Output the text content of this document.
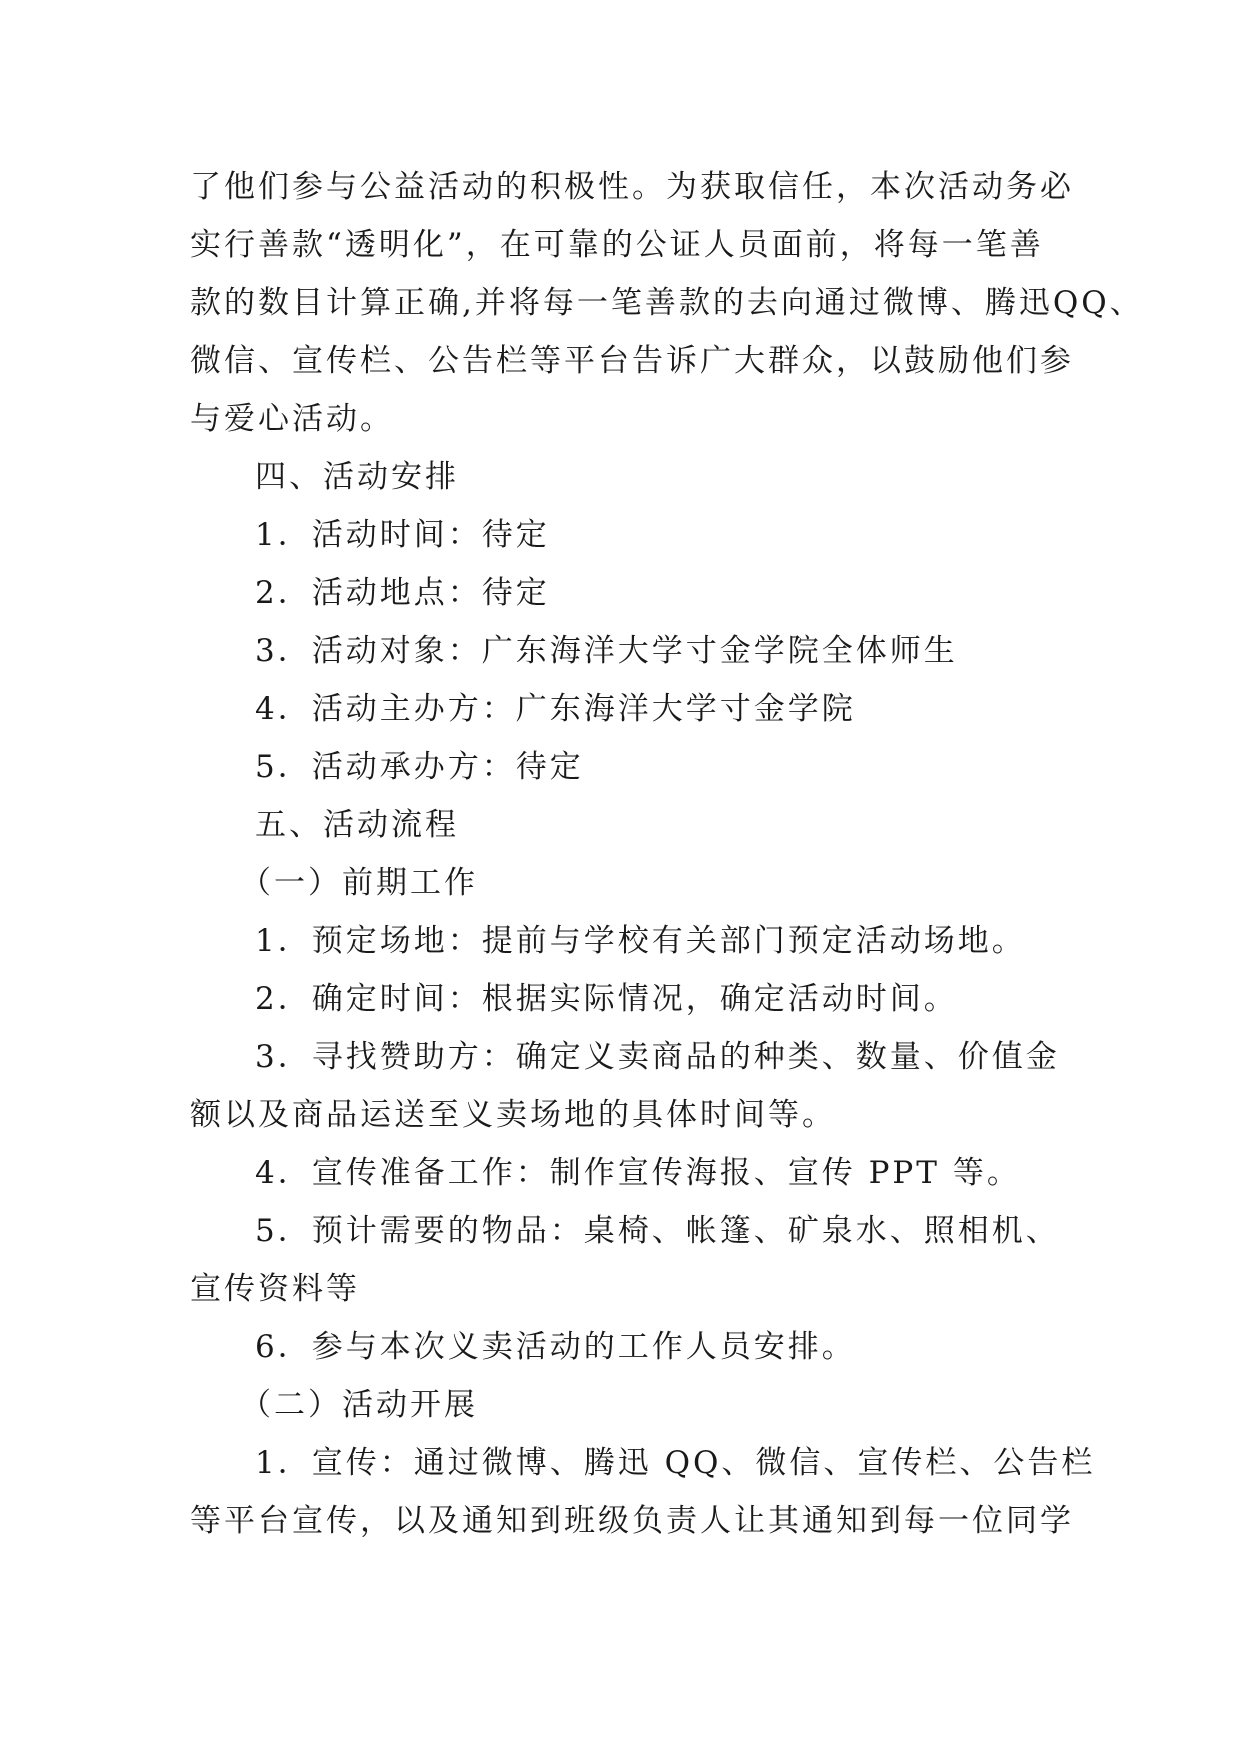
了他们参与公益活动的积极性。为获取信任，本次活动务必
实行善款“透明化”，在可靠的公证人员面前，将每一笔善
款的数目计算正确,并将每一笔善款的去向通过微博、腾迅QQ、
微信、宣传栏、公告栏等平台告诉广大群众，以鼓励他们参
与爱心活动。
四、活动安排
1．活动时间：待定
2．活动地点：待定
3．活动对象：广东海洋大学寸金学院全体师生
4．活动主办方：广东海洋大学寸金学院
5．活动承办方：待定
五、活动流程
（一）前期工作
1．预定场地：提前与学校有关部门预定活动场地。
2．确定时间：根据实际情况，确定活动时间。
3．寻找赞助方：确定义卖商品的种类、数量、价值金
额以及商品运送至义卖场地的具体时间等。
4．宣传准备工作：制作宣传海报、宣传 PPT 等。
5．预计需要的物品：桌椅、帐篷、矿泉水、照相机、
宣传资料等
6．参与本次义卖活动的工作人员安排。
（二）活动开展
1．宣传：通过微博、腾迅 QQ、微信、宣传栏、公告栏
等平台宣传，以及通知到班级负责人让其通知到每一位同学
